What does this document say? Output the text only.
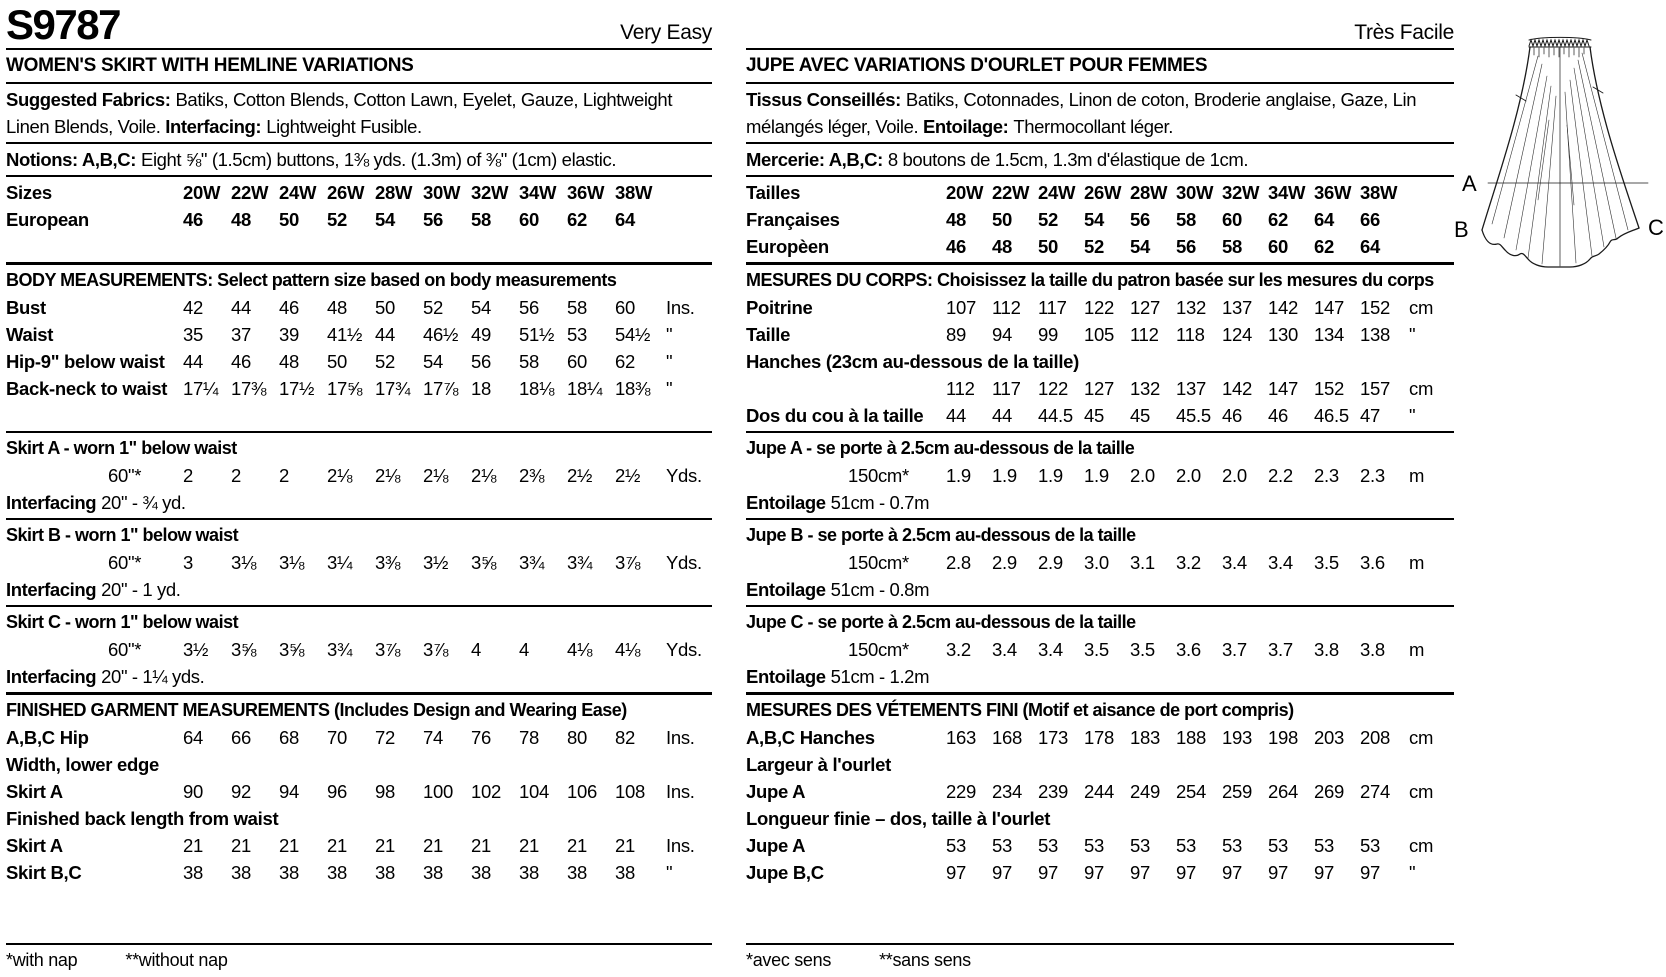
S9787	Very Easy
WOMEN'S SKIRT WITH HEMLINE VARIATIONS
Suggested Fabrics: Batiks, Cotton Blends, Cotton Lawn, Eyelet, Gauze, Lightweight Linen Blends, Voile. Interfacing: Lightweight Fusible.
Notions: A,B,C: Eight ⅝" (1.5cm) buttons, 1⅜ yds. (1.3m) of ⅜" (1cm) elastic.
Sizes	20W 22W 24W 26W 28W 30W 32W 34W 36W 38W
European	46	48	50	52	54	56	58	60	62	64
BODY MEASUREMENTS: Select pattern size based on body measurements
Bust	42	44	46	48	50	52	54	56	58	60	Ins.
Waist	35	37	39	41½ 44	46½ 49	51½ 53	54½ "
Hip-9" below waist 44	46	48	50	52	54	56	58	60	62	"
Back-neck to waist 17¼ 17⅜ 17½ 17⅝ 17¾ 17⅞ 18	18⅛ 18¼ 18⅜ "
Skirt A - worn 1" below waist
60"*	2	2	2	2⅛	2⅛	2⅛	2⅛	2⅜	2½	2½	Yds.
Interfacing 20" - ¾ yd.
Skirt B - worn 1" below waist
60"*	3	3⅛	3⅛	3¼	3⅜	3½	3⅝	3¾	3¾	3⅞	Yds.
Interfacing 20" - 1 yd.
Skirt C - worn 1" below waist
60"*	3½	3⅝	3⅝	3¾	3⅞	3⅞	4	4	4⅛	4⅛	Yds.
Interfacing 20" - 1¼ yds.
FINISHED GARMENT MEASUREMENTS (Includes Design and Wearing Ease)
A,B,C Hip	64	66	68	70	72	74	76	78	80	82	Ins.
Width, lower edge
Skirt A	90	92	94	96	98	100 102 104 106 108	Ins.
Finished back length from waist
Skirt A	21	21	21	21	21	21	21	21	21	21	Ins.
Skirt B,C	38	38	38	38	38	38	38	38	38	38	"
*with nap	**without nap
Très Facile
JUPE AVEC VARIATIONS D'OURLET POUR FEMMES
Tissus Conseillés: Batiks, Cotonnades, Linon de coton, Broderie anglaise, Gaze, Lin mélangés léger, Voile. Entoilage: Thermocollant léger.
Mercerie: A,B,C: 8 boutons de 1.5cm, 1.3m d'élastique de 1cm.
Tailles	20W 22W 24W 26W 28W 30W 32W 34W 36W 38W
Françaises	48	50	52	54	56	58	60	62	64	66
Europèen	46	48	50	52	54	56	58	60	62	64
MESURES DU CORPS: Choisissez la taille du patron basée sur les mesures du corps
Poitrine	107 112 117 122 127 132 137 142 147 152	cm
Taille	89	94	99	105 112 118 124 130 134 138	"
Hanches (23cm au-dessous de la taille)
112 117 122 127 132 137 142 147 152 157	cm
Dos du cou à la taille	44	44	44.5 45	45	45.5 46	46	46.5 47	"
Jupe A - se porte à 2.5cm au-dessous de la taille
150cm*	1.9	1.9	1.9	1.9	2.0	2.0	2.0	2.2	2.3	2.3	m
Entoilage 51cm - 0.7m
Jupe B - se porte à 2.5cm au-dessous de la taille
150cm*	2.8	2.9	2.9	3.0	3.1	3.2	3.4	3.4	3.5	3.6	m
Entoilage 51cm - 0.8m
Jupe C - se porte à 2.5cm au-dessous de la taille
150cm*	3.2	3.4	3.4	3.5	3.5	3.6	3.7	3.7	3.8	3.8	m
Entoilage 51cm - 1.2m
MESURES DES VÉTEMENTS FINI (Motif et aisance de port compris)
A,B,C Hanches	163 168 173 178 183 188 193 198 203 208	cm
Largeur à l'ourlet
Jupe A	229 234 239 244 249 254 259 264 269 274	cm
Longueur finie – dos, taille à l'ourlet
Jupe A	53	53	53	53	53	53	53	53	53	53	cm
Jupe B,C	97	97	97	97	97	97	97	97	97	97	"
*avec sens	**sans sens
A
B	C
